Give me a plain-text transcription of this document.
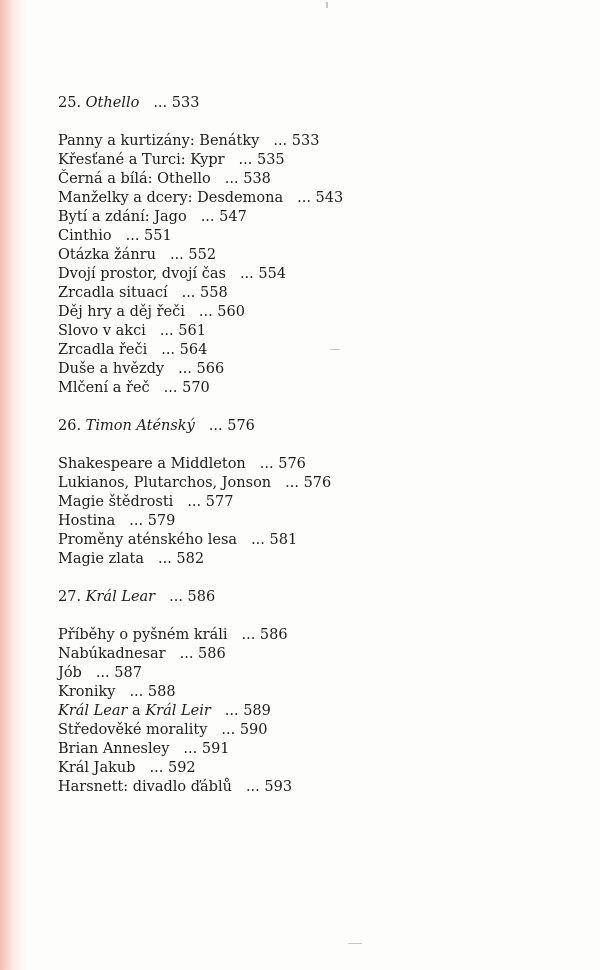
25. Othello ... 533
Panny a kurtizány: Benátky ... 533
Křesťané a Turci: Kypr ... 535
Černá a bílá: Othello ... 538
Manželky a dcery: Desdemona ... 543
Bytí a zdání: Jago ... 547
Cinthio ... 551
Otázka žánru ... 552
Dvojí prostor, dvojí čas ... 554
Zrcadla situací ... 558
Děj hry a děj řeči ... 560
Slovo v akci ... 561
Zrcadla řeči ... 564
Duše a hvězdy ... 566
Mlčení a řeč ... 570
26. Timon Aténský ... 576
Shakespeare a Middleton ... 576
Lukianos, Plutarchos, Jonson ... 576
Magie štědrosti ... 577
Hostina ... 579
Proměny aténského lesa ... 581
Magie zlata ... 582
27. Král Lear ... 586
Příběhy o pyšném králi ... 586
Nabúkadnesar ... 586
Jób ... 587
Kroniky ... 588
Král Lear a Král Leir ... 589
Středověké morality ... 590
Brian Annesley ... 591
Král Jakub ... 592
Harsnett: divadlo ďáblů ... 593
